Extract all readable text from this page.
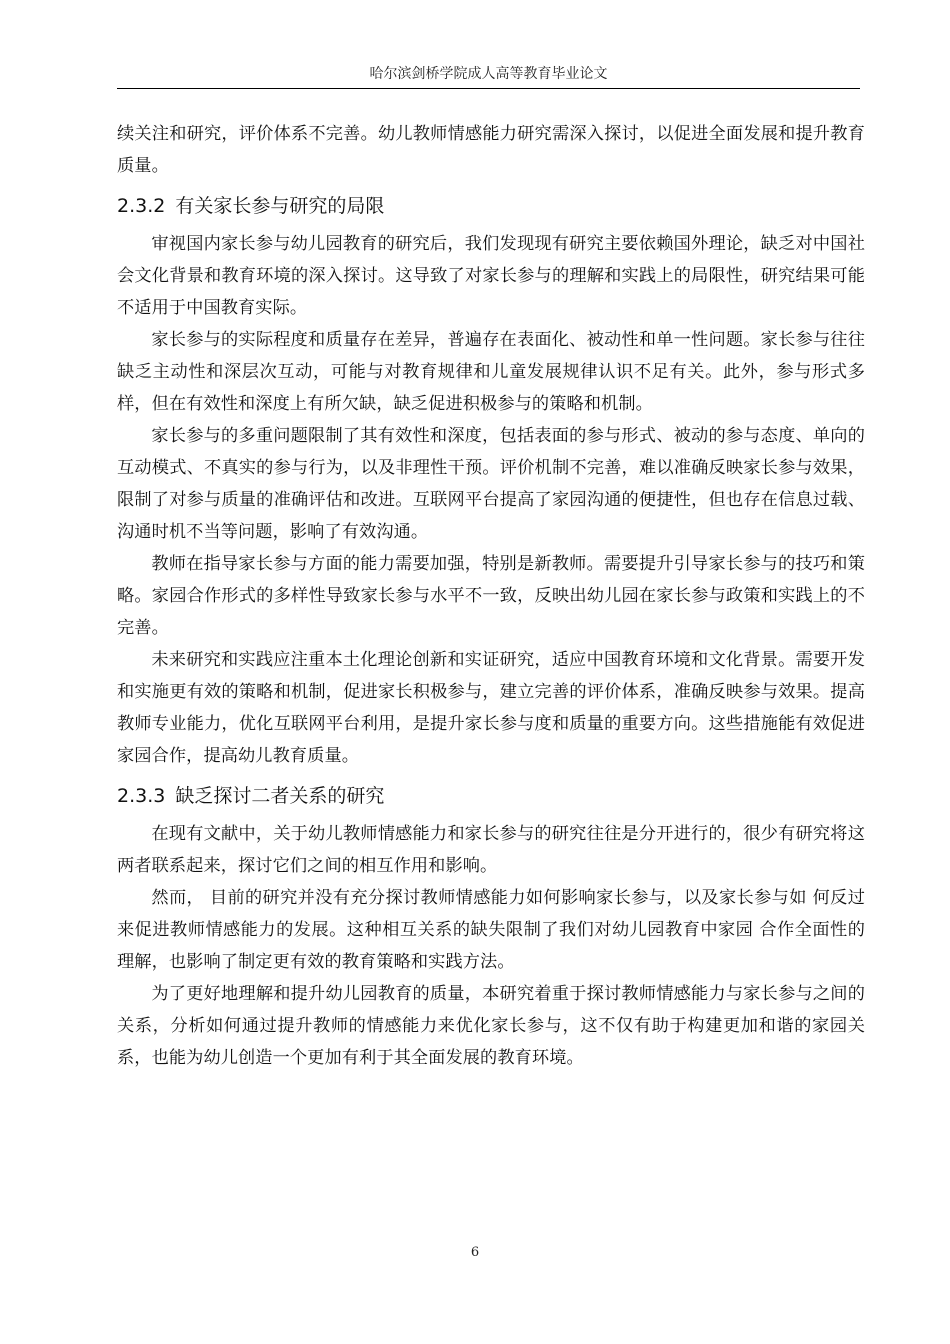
哈尔滨剑桥学院成人高等教育毕业论文

续关注和研究，评价体系不完善。幼儿教师情感能力研究需深入探讨，以促进全面发展和提升教育质量。

2.3.2 有关家长参与研究的局限

审视国内家长参与幼儿园教育的研究后，我们发现现有研究主要依赖国外理论，缺乏对中国社会文化背景和教育环境的深入探讨。这导致了对家长参与的理解和实践上的局限性，研究结果可能不适用于中国教育实际。

家长参与的实际程度和质量存在差异，普遍存在表面化、被动性和单一性问题。家长参与往往缺乏主动性和深层次互动，可能与对教育规律和儿童发展规律认识不足有关。此外，参与形式多样，但在有效性和深度上有所欠缺，缺乏促进积极参与的策略和机制。

家长参与的多重问题限制了其有效性和深度，包括表面的参与形式、被动的参与态度、单向的互动模式、不真实的参与行为，以及非理性干预。评价机制不完善，难以准确反映家长参与效果，限制了对参与质量的准确评估和改进。互联网平台提高了家园沟通的便捷性，但也存在信息过载、沟通时机不当等问题，影响了有效沟通。

教师在指导家长参与方面的能力需要加强，特别是新教师。需要提升引导家长参与的技巧和策略。家园合作形式的多样性导致家长参与水平不一致，反映出幼儿园在家长参与政策和实践上的不完善。

未来研究和实践应注重本土化理论创新和实证研究，适应中国教育环境和文化背景。需要开发和实施更有效的策略和机制，促进家长积极参与，建立完善的评价体系，准确反映参与效果。提高教师专业能力，优化互联网平台利用，是提升家长参与度和质量的重要方向。这些措施能有效促进家园合作，提高幼儿教育质量。

2.3.3 缺乏探讨二者关系的研究

在现有文献中，关于幼儿教师情感能力和家长参与的研究往往是分开进行的，很少有研究将这两者联系起来，探讨它们之间的相互作用和影响。

然而， 目前的研究并没有充分探讨教师情感能力如何影响家长参与，以及家长参与如 何反过来促进教师情感能力的发展。这种相互关系的缺失限制了我们对幼儿园教育中家园 合作全面性的理解，也影响了制定更有效的教育策略和实践方法。

为了更好地理解和提升幼儿园教育的质量，本研究着重于探讨教师情感能力与家长参与之间的关系，分析如何通过提升教师的情感能力来优化家长参与，这不仅有助于构建更加和谐的家园关系，也能为幼儿创造一个更加有利于其全面发展的教育环境。

6
